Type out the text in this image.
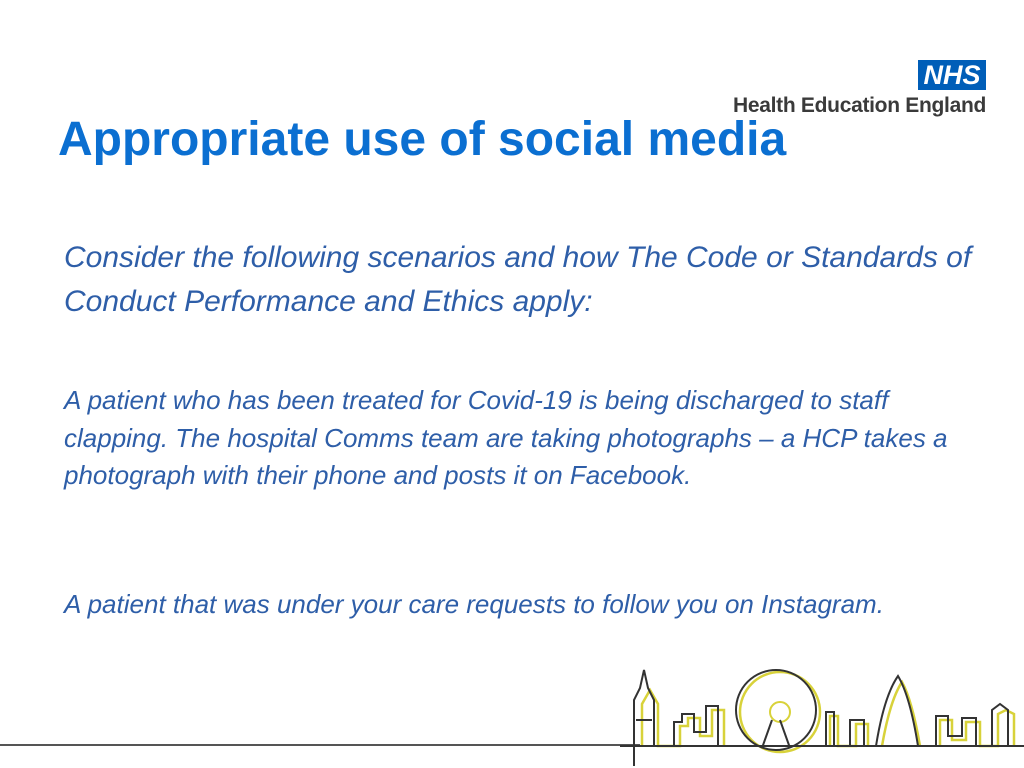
NHS
Health Education England
Appropriate use of social media

Consider the following scenarios and how The Code or Standards of Conduct Performance and Ethics apply:

A patient who has been treated for Covid-19 is being discharged to staff clapping. The hospital Comms team are taking photographs – a HCP takes a photograph with their phone and posts it on Facebook.

A patient that was under your care requests to follow you on Instagram.
